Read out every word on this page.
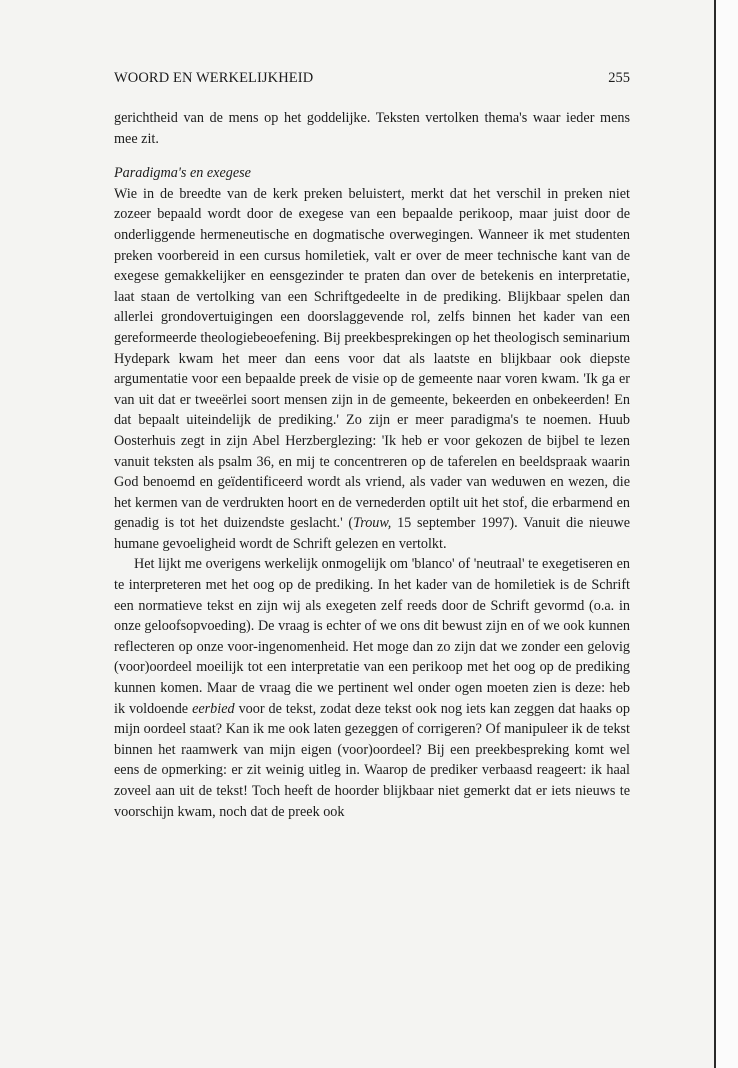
WOORD EN WERKELIJKHEID	255

gerichtheid van de mens op het goddelijke. Teksten vertolken thema's waar ieder mens mee zit.

Paradigma's en exegese

Wie in de breedte van de kerk preken beluistert, merkt dat het verschil in preken niet zozeer bepaald wordt door de exegese van een bepaalde perikoop, maar juist door de onderliggende hermeneutische en dogmatische overwegingen. Wanneer ik met studenten preken voorbereid in een cursus homiletiek, valt er over de meer technische kant van de exegese gemakkelijker en eensgezinder te praten dan over de betekenis en interpretatie, laat staan de vertolking van een Schriftgedeelte in de prediking. Blijkbaar spelen dan allerlei grondovertuigingen een doorslaggevende rol, zelfs binnen het kader van een gereformeerde theologiebeoefening. Bij preekbesprekingen op het theologisch seminarium Hydepark kwam het meer dan eens voor dat als laatste en blijkbaar ook diepste argumentatie voor een bepaalde preek de visie op de gemeente naar voren kwam. 'Ik ga er van uit dat er tweeërlei soort mensen zijn in de gemeente, bekeerden en onbekeerden! En dat bepaalt uiteindelijk de prediking.' Zo zijn er meer paradigma's te noemen. Huub Oosterhuis zegt in zijn Abel Herzberglezing: 'Ik heb er voor gekozen de bijbel te lezen vanuit teksten als psalm 36, en mij te concentreren op de taferelen en beeldspraak waarin God benoemd en geïdentificeerd wordt als vriend, als vader van weduwen en wezen, die het kermen van de verdrukten hoort en de vernederden optilt uit het stof, die erbarmend en genadig is tot het duizendste geslacht.' (Trouw, 15 september 1997). Vanuit die nieuwe humane gevoeligheid wordt de Schrift gelezen en vertolkt.

Het lijkt me overigens werkelijk onmogelijk om 'blanco' of 'neutraal' te exegetiseren en te interpreteren met het oog op de prediking. In het kader van de homiletiek is de Schrift een normatieve tekst en zijn wij als exegeten zelf reeds door de Schrift gevormd (o.a. in onze geloofsopvoeding). De vraag is echter of we ons dit bewust zijn en of we ook kunnen reflecteren op onze voor-ingenomenheid. Het moge dan zo zijn dat we zonder een gelovig (voor)oordeel moeilijk tot een interpretatie van een perikoop met het oog op de prediking kunnen komen. Maar de vraag die we pertinent wel onder ogen moeten zien is deze: heb ik voldoende eerbied voor de tekst, zodat deze tekst ook nog iets kan zeggen dat haaks op mijn oordeel staat? Kan ik me ook laten gezeggen of corrigeren? Of manipuleer ik de tekst binnen het raamwerk van mijn eigen (voor)oordeel? Bij een preekbespreking komt wel eens de opmerking: er zit weinig uitleg in. Waarop de prediker verbaasd reageert: ik haal zoveel aan uit de tekst! Toch heeft de hoorder blijkbaar niet gemerkt dat er iets nieuws te voorschijn kwam, noch dat de preek ook
